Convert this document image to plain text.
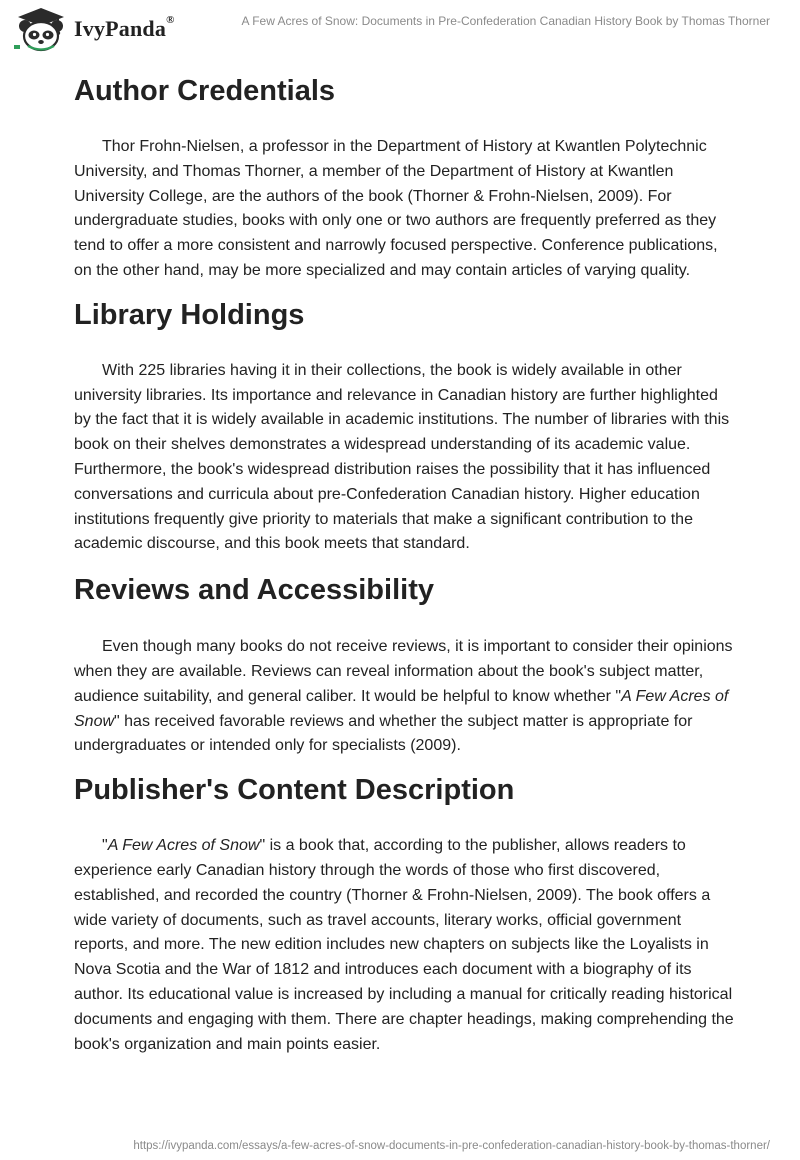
IvyPanda®	A Few Acres of Snow: Documents in Pre-Confederation Canadian History Book by Thomas Thorner
Author Credentials

Thor Frohn-Nielsen, a professor in the Department of History at Kwantlen Polytechnic University, and Thomas Thorner, a member of the Department of History at Kwantlen University College, are the authors of the book (Thorner & Frohn-Nielsen, 2009). For undergraduate studies, books with only one or two authors are frequently preferred as they tend to offer a more consistent and narrowly focused perspective. Conference publications, on the other hand, may be more specialized and may contain articles of varying quality.

Library Holdings

With 225 libraries having it in their collections, the book is widely available in other university libraries. Its importance and relevance in Canadian history are further highlighted by the fact that it is widely available in academic institutions. The number of libraries with this book on their shelves demonstrates a widespread understanding of its academic value. Furthermore, the book's widespread distribution raises the possibility that it has influenced conversations and curricula about pre-Confederation Canadian history. Higher education institutions frequently give priority to materials that make a significant contribution to the academic discourse, and this book meets that standard.

Reviews and Accessibility

Even though many books do not receive reviews, it is important to consider their opinions when they are available. Reviews can reveal information about the book's subject matter, audience suitability, and general caliber. It would be helpful to know whether "A Few Acres of Snow" has received favorable reviews and whether the subject matter is appropriate for undergraduates or intended only for specialists (2009).

Publisher's Content Description

"A Few Acres of Snow" is a book that, according to the publisher, allows readers to experience early Canadian history through the words of those who first discovered, established, and recorded the country (Thorner & Frohn-Nielsen, 2009). The book offers a wide variety of documents, such as travel accounts, literary works, official government reports, and more. The new edition includes new chapters on subjects like the Loyalists in Nova Scotia and the War of 1812 and introduces each document with a biography of its author. Its educational value is increased by including a manual for critically reading historical documents and engaging with them. There are chapter headings, making comprehending the book's organization and main points easier.

https://ivypanda.com/essays/a-few-acres-of-snow-documents-in-pre-confederation-canadian-history-book-by-thomas-thorner/
